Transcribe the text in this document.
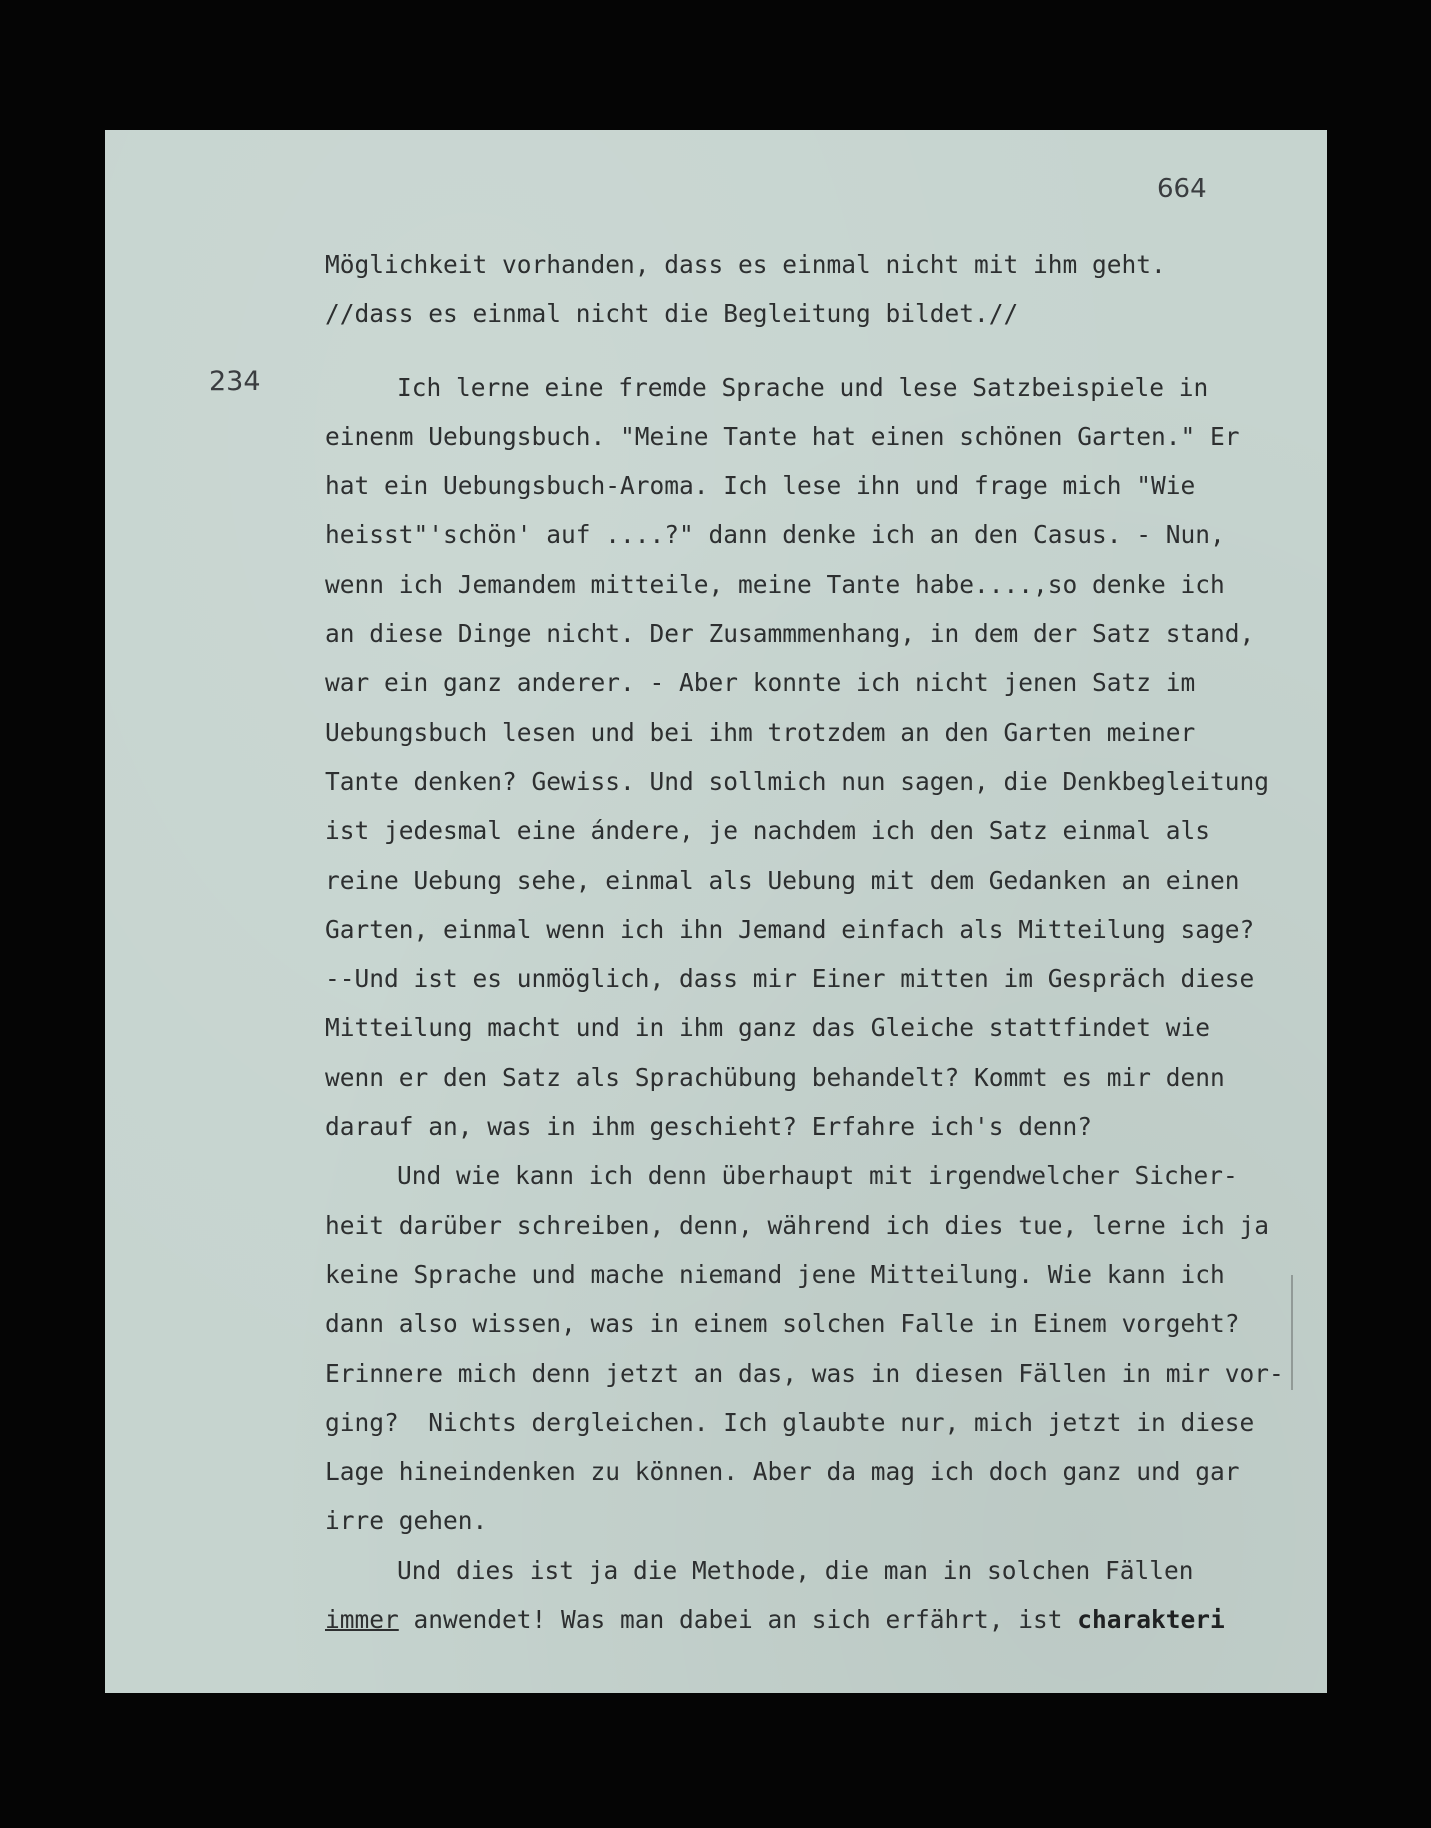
664
234
Möglichkeit vorhanden, dass es einmal nicht mit ihm geht.
//dass es einmal nicht die Begleitung bildet.//
Ich lerne eine fremde Sprache und lese Satzbeispiele in
einenm Uebungsbuch. "Meine Tante hat einen schönen Garten." Er
hat ein Uebungsbuch-Aroma. Ich lese ihn und frage mich "Wie
heisst"'schön' auf ....?" dann denke ich an den Casus. - Nun,
wenn ich Jemandem mitteile, meine Tante habe....,so denke ich
an diese Dinge nicht. Der Zusammmenhang, in dem der Satz stand,
war ein ganz anderer. - Aber konnte ich nicht jenen Satz im
Uebungsbuch lesen und bei ihm trotzdem an den Garten meiner
Tante denken? Gewiss. Und sollmich nun sagen, die Denkbegleitung
ist jedesmal eine ándere, je nachdem ich den Satz einmal als
reine Uebung sehe, einmal als Uebung mit dem Gedanken an einen
Garten, einmal wenn ich ihn Jemand einfach als Mitteilung sage?
--Und ist es unmöglich, dass mir Einer mitten im Gespräch diese
Mitteilung macht und in ihm ganz das Gleiche stattfindet wie
wenn er den Satz als Sprachübung behandelt? Kommt es mir denn
darauf an, was in ihm geschieht? Erfahre ich's denn?
Und wie kann ich denn überhaupt mit irgendwelcher Sicher-
heit darüber schreiben, denn, während ich dies tue, lerne ich ja
keine Sprache und mache niemand jene Mitteilung. Wie kann ich
dann also wissen, was in einem solchen Falle in Einem vorgeht?
Erinnere mich denn jetzt an das, was in diesen Fällen in mir vor-
ging?  Nichts dergleichen. Ich glaubte nur, mich jetzt in diese
Lage hineindenken zu können. Aber da mag ich doch ganz und gar
irre gehen.
Und dies ist ja die Methode, die man in solchen Fällen
immer anwendet! Was man dabei an sich erfährt, ist charakteri
